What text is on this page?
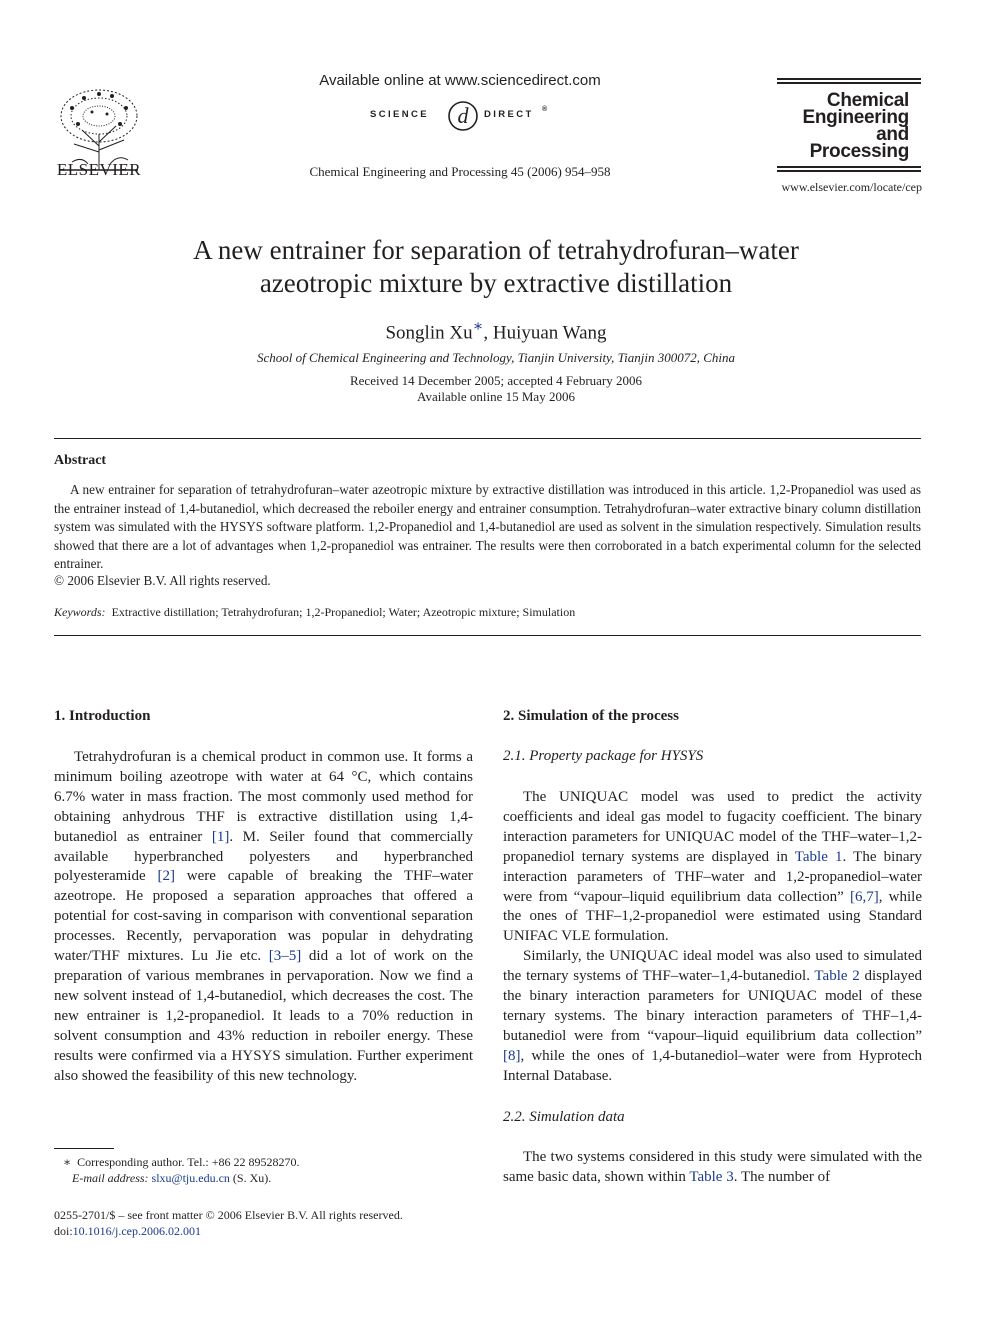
ELSEVIER
Available online at www.sciencedirect.com
SCIENCE d DIRECT ®
Chemical Engineering and Processing 45 (2006) 954–958
Chemical
Engineering
and
Processing
www.elsevier.com/locate/cep
A new entrainer for separation of tetrahydrofuran–water
azeotropic mixture by extractive distillation
Songlin Xu∗, Huiyuan Wang
School of Chemical Engineering and Technology, Tianjin University, Tianjin 300072, China
Received 14 December 2005; accepted 4 February 2006
Available online 15 May 2006
Abstract
A new entrainer for separation of tetrahydrofuran–water azeotropic mixture by extractive distillation was introduced in this article. 1,2-Propanediol was used as the entrainer instead of 1,4-butanediol, which decreased the reboiler energy and entrainer consumption. Tetrahydrofuran–water extractive binary column distillation system was simulated with the HYSYS software platform. 1,2-Propanediol and 1,4-butanediol are used as solvent in the simulation respectively. Simulation results showed that there are a lot of advantages when 1,2-propanediol was entrainer. The results were then corroborated in a batch experimental column for the selected entrainer.
© 2006 Elsevier B.V. All rights reserved.
Keywords: Extractive distillation; Tetrahydrofuran; 1,2-Propanediol; Water; Azeotropic mixture; Simulation
1. Introduction

Tetrahydrofuran is a chemical product in common use. It forms a minimum boiling azeotrope with water at 64 °C, which contains 6.7% water in mass fraction. The most commonly used method for obtaining anhydrous THF is extractive distillation using 1,4-butanediol as entrainer [1]. M. Seiler found that commercially available hyperbranched polyesters and hyperbranched polyesteramide [2] were capable of breaking the THF–water azeotrope. He proposed a separation approaches that offered a potential for cost-saving in comparison with conventional separation processes. Recently, pervaporation was popular in dehydrating water/THF mixtures. Lu Jie etc. [3–5] did a lot of work on the preparation of various membranes in pervaporation. Now we find a new solvent instead of 1,4-butanediol, which decreases the cost. The new entrainer is 1,2-propanediol. It leads to a 70% reduction in solvent consumption and 43% reduction in reboiler energy. These results were confirmed via a HYSYS simulation. Further experiment also showed the feasibility of this new technology.

∗ Corresponding author. Tel.: +86 22 89528270.
E-mail address: slxu@tju.edu.cn (S. Xu).
0255-2701/$ – see front matter © 2006 Elsevier B.V. All rights reserved.
doi:10.1016/j.cep.2006.02.001
2. Simulation of the process
2.1. Property package for HYSYS

The UNIQUAC model was used to predict the activity coefficients and ideal gas model to fugacity coefficient. The binary interaction parameters for UNIQUAC model of the THF–water–1,2-propanediol ternary systems are displayed in Table 1. The binary interaction parameters of THF–water and 1,2-propanediol–water were from “vapour–liquid equilibrium data collection” [6,7], while the ones of THF–1,2-propanediol were estimated using Standard UNIFAC VLE formulation.

Similarly, the UNIQUAC ideal model was also used to simulated the ternary systems of THF–water–1,4-butanediol. Table 2 displayed the binary interaction parameters for UNIQUAC model of these ternary systems. The binary interaction parameters of THF–1,4-butanediol were from “vapour–liquid equilibrium data collection” [8], while the ones of 1,4-butanediol–water were from Hyprotech Internal Database.

2.2. Simulation data

The two systems considered in this study were simulated with the same basic data, shown within Table 3. The number of
